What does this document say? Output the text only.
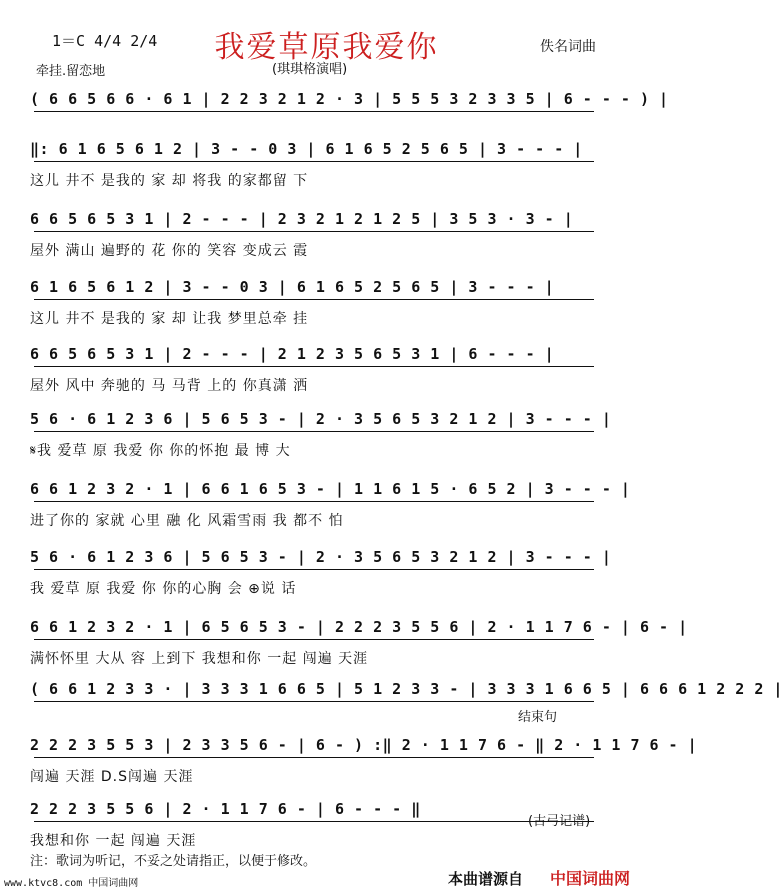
我爱草原我爱你
1＝C 4/4 2/4	佚名词曲
牵挂.留恋地	(琪琪格演唱)
( 6 6 5 6 6 · 6 1 | 2 2 3 2 1 2 · 3 | 5 5 5 3 2 3 3 5 | 6 - - - ) |
‖: 6 1 6 5 6 1 2 | 3 - - 0 3 | 6 1 6 5 2 5 6 5 | 3 - - - |
这儿 井不 是我的 家 却 将我 的家都留 下
6 6 5 6 5 3 1 | 2 - - - | 2 3 2 1 2 1 2 5 | 3 5 3 · 3 - |
屋外 满山 遍野的 花 你的 笑容 变成云 霞
6 1 6 5 6 1 2 | 3 - - 0 3 | 6 1 6 5 2 5 6 5 | 3 - - - |
这儿 井不 是我的 家 却 让我 梦里总牵 挂
6 6 5 6 5 3 1 | 2 - - - | 2 1 2 3 5 6 5 3 1 | 6 - - - |
屋外 风中 奔驰的 马 马背 上的 你真潇 洒
5 6 · 6 1 2 3 6 | 5 6 5 3 - | 2 · 3 5 6 5 3 2 1 2 | 3 - - - |
𝄋我 爱草 原 我爱 你 你的怀抱 最 博 大
6 6 1 2 3 2 · 1 | 6 6 1 6 5 3 - | 1 1 6 1 5 · 6 5 2 | 3 - - - |
进了你的 家就 心里 融 化 风霜雪雨 我 都不 怕
5 6 · 6 1 2 3 6 | 5 6 5 3 - | 2 · 3 5 6 5 3 2 1 2 | 3 - - - |
我 爱草 原 我爱 你 你的心胸 会 ⊕说 话
6 6 1 2 3 2 · 1 | 6 5 6 5 3 - | 2 2 2 3 5 5 6 | 2 · 1 1 7 6 - | 6 - |
满怀怀里 大从 容 上到下 我想和你 一起 闯遍 天涯
( 6 6 1 2 3 3 · | 3 3 3 1 6 6 5 | 5 1 2 3 3 - | 3 3 3 1 6 6 5 | 6 6 6 1 2 2 2 |
2 2 2 3 5 5 3 | 2 3 3 5 6 - | 6 - ) :‖ 2 · 1 1 7 6 - ‖ 2 · 1 1 7 6 - |
闯遍 天涯 D.S闯遍 天涯
2 2 2 3 5 5 6 | 2 · 1 1 7 6 - | 6 - - - ‖
我想和你 一起 闯遍 天涯
结束句
(古弓记谱)
注：歌词为听记，不妥之处请指正，以便于修改。
www.ktvc8.com 中国词曲网	本曲谱源自 中国词曲网
